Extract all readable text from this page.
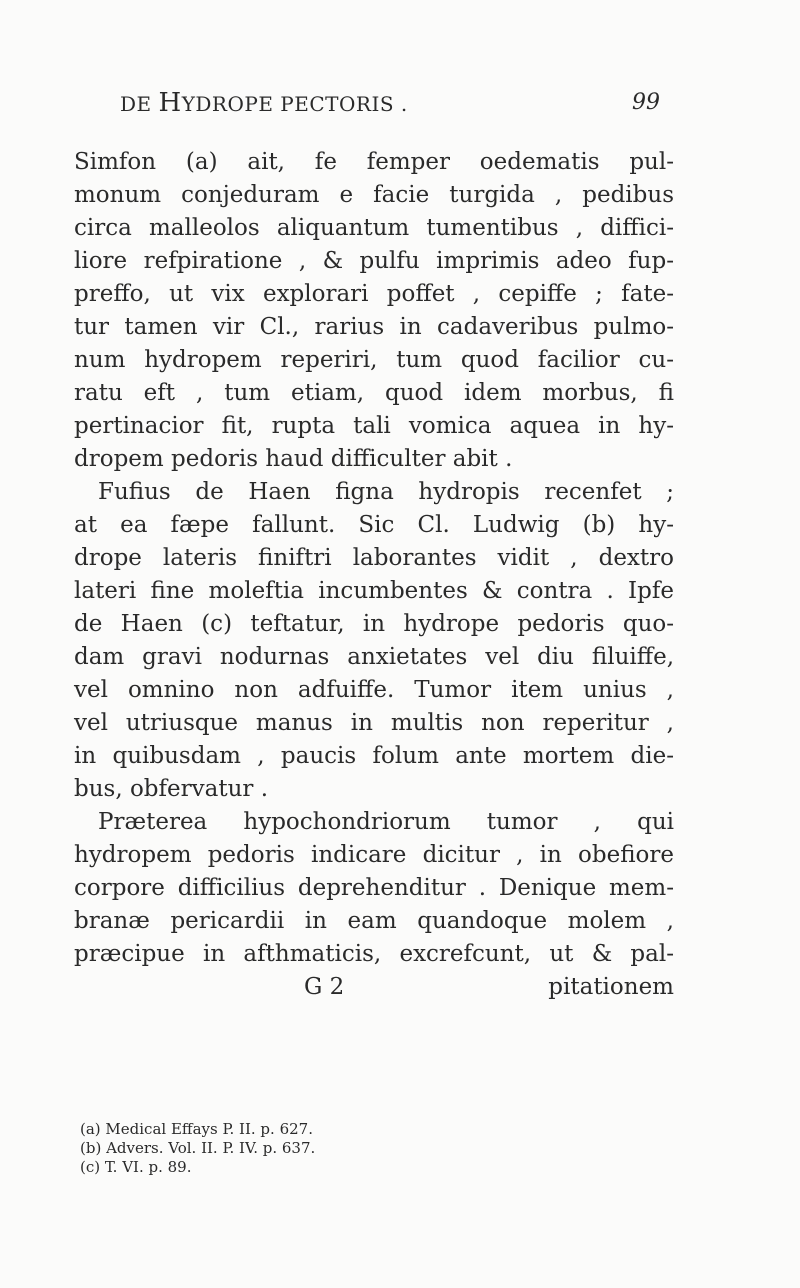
DE HYDROPE PECTORIS .	99
Simfon (a) ait, fe femper oedematis pul-
monum conjeduram e facie turgida , pedibus
circa malleolos aliquantum tumentibus , diffici-
liore refpiratione , & pulfu imprimis adeo fup-
preffo, ut vix explorari poffet , cepiffe ; fate-
tur tamen vir Cl., rarius in cadaveribus pulmo-
num hydropem reperiri, tum quod facilior cu-
ratu eft , tum etiam, quod idem morbus, fi
pertinacior fit, rupta tali vomica aquea in hy-
dropem pedoris haud difficulter abit .
Fufius de Haen figna hydropis recenfet ;
at ea fæpe fallunt. Sic Cl. Ludwig (b) hy-
drope lateris finiftri laborantes vidit , dextro
lateri fine moleftia incumbentes & contra . Ipfe
de Haen (c) teftatur, in hydrope pedoris quo-
dam gravi nodurnas anxietates vel diu filuiffe,
vel omnino non adfuiffe. Tumor item unius ,
vel utriusque manus in multis non reperitur ,
in quibusdam , paucis folum ante mortem die-
bus, obfervatur .
Præterea hypochondriorum tumor , qui
hydropem pedoris indicare dicitur , in obefiore
corpore difficilius deprehenditur . Denique mem-
branæ pericardii in eam quandoque molem ,
præcipue in afthmaticis, excrefcunt, ut & pal-
G 2	pitationem
(a) Medical Effays P. II. p. 627.
(b) Advers. Vol. II. P. IV. p. 637.
(c) T. VI. p. 89.
